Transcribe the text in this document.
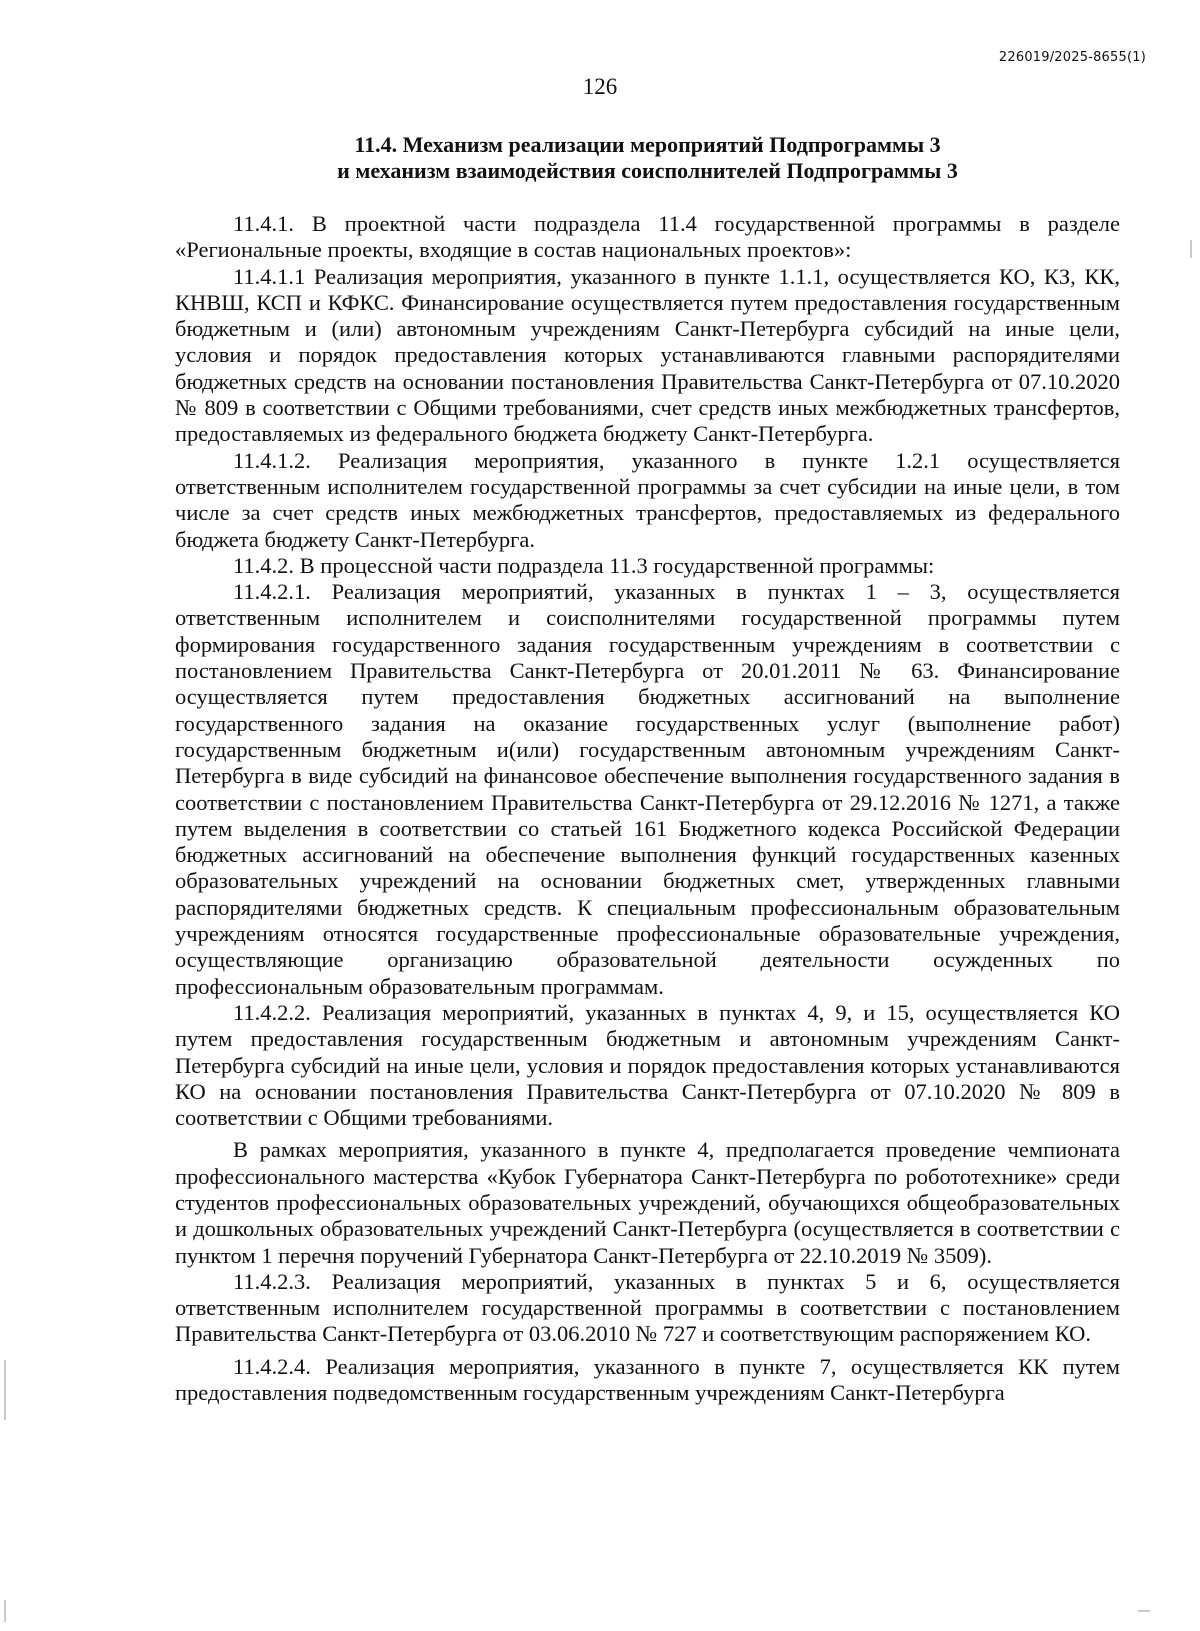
226019/2025-8655(1)
126
11.4. Механизм реализации мероприятий Подпрограммы 3
и механизм взаимодействия соисполнителей Подпрограммы 3

11.4.1. В проектной части подраздела 11.4 государственной программы в разделе «Региональные проекты, входящие в состав национальных проектов»:

11.4.1.1 Реализация мероприятия, указанного в пункте 1.1.1, осуществляется КО, КЗ, КК, КНВШ, КСП и КФКС. Финансирование осуществляется путем предоставления государственным бюджетным и (или) автономным учреждениям Санкт-Петербурга субсидий на иные цели, условия и порядок предоставления которых устанавливаются главными распорядителями бюджетных средств на основании постановления Правительства Санкт-Петербурга от 07.10.2020 № 809 в соответствии с Общими требованиями, счет средств иных межбюджетных трансфертов, предоставляемых из федерального бюджета бюджету Санкт-Петербурга.

11.4.1.2. Реализация мероприятия, указанного в пункте 1.2.1 осуществляется ответственным исполнителем государственной программы за счет субсидии на иные цели, в том числе за счет средств иных межбюджетных трансфертов, предоставляемых из федерального бюджета бюджету Санкт-Петербурга.

11.4.2. В процессной части подраздела 11.3 государственной программы:

11.4.2.1. Реализация мероприятий, указанных в пунктах 1 – 3, осуществляется ответственным исполнителем и соисполнителями государственной программы путем формирования государственного задания государственным учреждениям в соответствии с постановлением Правительства Санкт-Петербурга от 20.01.2011 № 63. Финансирование осуществляется путем предоставления бюджетных ассигнований на выполнение государственного задания на оказание государственных услуг (выполнение работ) государственным бюджетным и(или) государственным автономным учреждениям Санкт-Петербурга в виде субсидий на финансовое обеспечение выполнения государственного задания в соответствии с постановлением Правительства Санкт-Петербурга от 29.12.2016 № 1271, а также путем выделения в соответствии со статьей 161 Бюджетного кодекса Российской Федерации бюджетных ассигнований на обеспечение выполнения функций государственных казенных образовательных учреждений на основании бюджетных смет, утвержденных главными распорядителями бюджетных средств. К специальным профессиональным образовательным учреждениям относятся государственные профессиональные образовательные учреждения, осуществляющие организацию образовательной деятельности осужденных по профессиональным образовательным программам.

11.4.2.2. Реализация мероприятий, указанных в пунктах 4, 9, и 15, осуществляется КО путем предоставления государственным бюджетным и автономным учреждениям Санкт-Петербурга субсидий на иные цели, условия и порядок предоставления которых устанавливаются КО на основании постановления Правительства Санкт-Петербурга от 07.10.2020 № 809 в соответствии с Общими требованиями.

В рамках мероприятия, указанного в пункте 4, предполагается проведение чемпионата профессионального мастерства «Кубок Губернатора Санкт-Петербурга по робототехнике» среди студентов профессиональных образовательных учреждений, обучающихся общеобразовательных и дошкольных образовательных учреждений Санкт-Петербурга (осуществляется в соответствии с пунктом 1 перечня поручений Губернатора Санкт-Петербурга от 22.10.2019 № 3509).

11.4.2.3. Реализация мероприятий, указанных в пунктах 5 и 6, осуществляется ответственным исполнителем государственной программы в соответствии с постановлением Правительства Санкт-Петербурга от 03.06.2010 № 727 и соответствующим распоряжением КО.

11.4.2.4. Реализация мероприятия, указанного в пункте 7, осуществляется КК путем предоставления подведомственным государственным учреждениям Санкт-Петербурга
